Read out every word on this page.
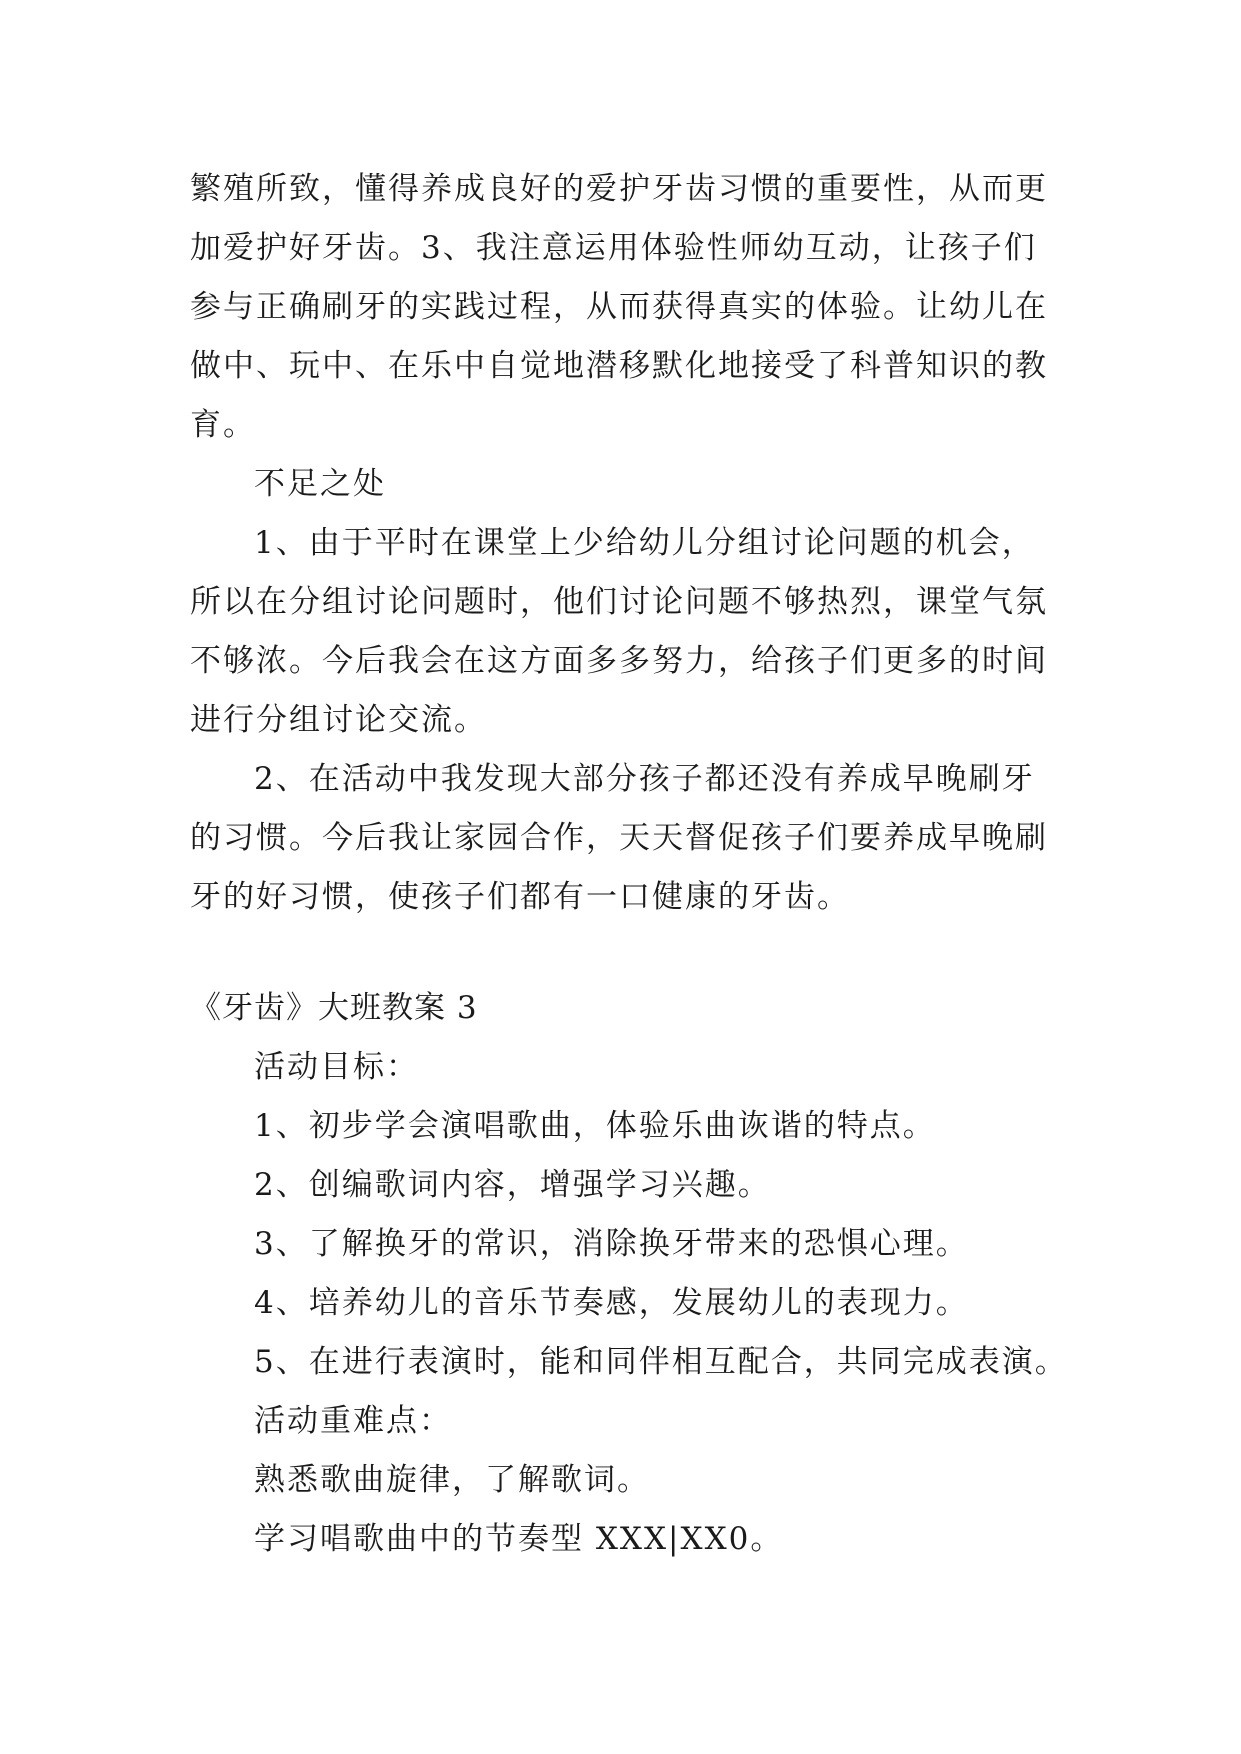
繁殖所致，懂得养成良好的爱护牙齿习惯的重要性，从而更
加爱护好牙齿。3、我注意运用体验性师幼互动，让孩子们
参与正确刷牙的实践过程，从而获得真实的体验。让幼儿在
做中、玩中、在乐中自觉地潜移默化地接受了科普知识的教
育。
不足之处
1、由于平时在课堂上少给幼儿分组讨论问题的机会，
所以在分组讨论问题时，他们讨论问题不够热烈，课堂气氛
不够浓。今后我会在这方面多多努力，给孩子们更多的时间
进行分组讨论交流。
2、在活动中我发现大部分孩子都还没有养成早晚刷牙
的习惯。今后我让家园合作，天天督促孩子们要养成早晚刷
牙的好习惯，使孩子们都有一口健康的牙齿。
《牙齿》大班教案 3
活动目标：
1、初步学会演唱歌曲，体验乐曲诙谐的特点。
2、创编歌词内容，增强学习兴趣。
3、了解换牙的常识，消除换牙带来的恐惧心理。
4、培养幼儿的音乐节奏感，发展幼儿的表现力。
5、在进行表演时，能和同伴相互配合，共同完成表演。
活动重难点：
熟悉歌曲旋律，了解歌词。
学习唱歌曲中的节奏型 XXX|XX0。
